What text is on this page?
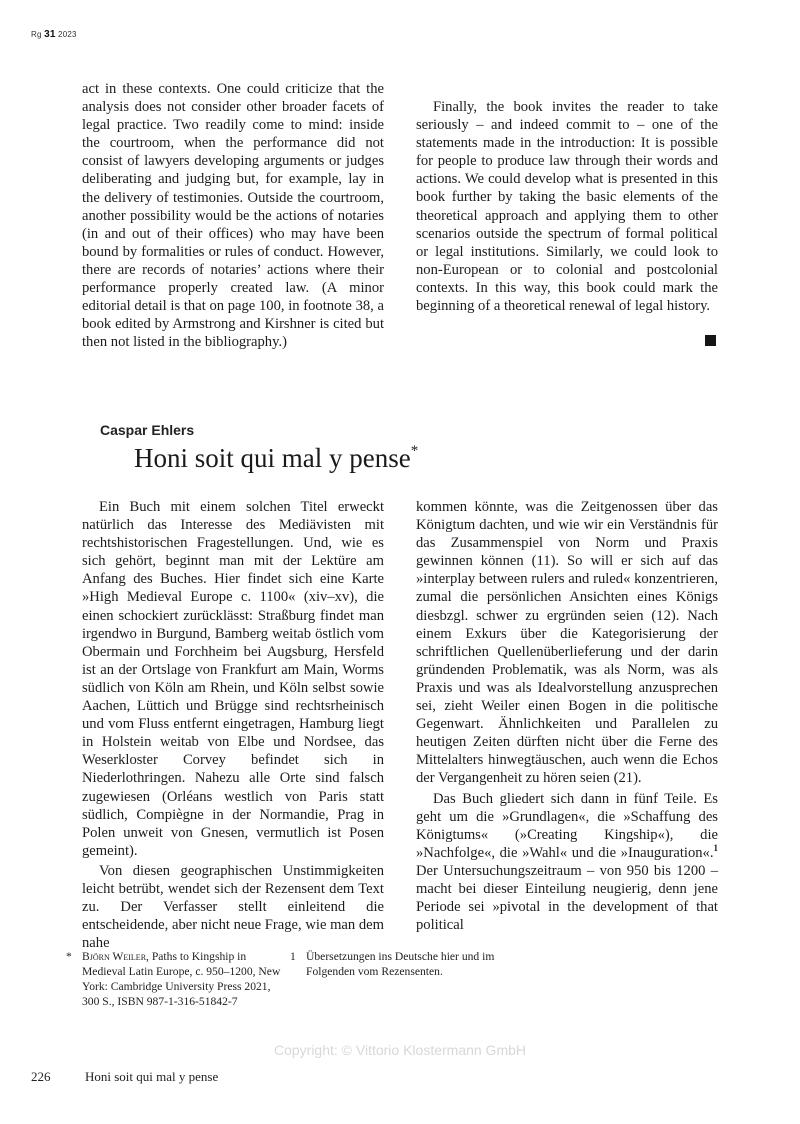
Rg 31 2023

act in these contexts. One could criticize that the analysis does not consider other broader facets of legal practice. Two readily come to mind: inside the courtroom, when the performance did not consist of lawyers developing arguments or judges deliberating and judging but, for example, lay in the delivery of testimonies. Outside the courtroom, another possibility would be the actions of notaries (in and out of their offices) who may have been bound by formalities or rules of conduct. However, there are records of notaries’ actions where their performance properly created law. (A minor editorial detail is that on page 100, in footnote 38, a book edited by Armstrong and Kirshner is cited but then not listed in the bibliography.)

Finally, the book invites the reader to take seriously – and indeed commit to – one of the statements made in the introduction: It is possible for people to produce law through their words and actions. We could develop what is presented in this book further by taking the basic elements of the theoretical approach and applying them to other scenarios outside the spectrum of formal political or legal institutions. Similarly, we could look to non-European or to colonial and postcolonial contexts. In this way, this book could mark the beginning of a theoretical renewal of legal history.

Caspar Ehlers
Honi soit qui mal y pense*

Ein Buch mit einem solchen Titel erweckt natürlich das Interesse des Mediävisten mit rechtshistorischen Fragestellungen. Und, wie es sich gehört, beginnt man mit der Lektüre am Anfang des Buches. Hier findet sich eine Karte »High Medieval Europe c. 1100« (xiv–xv), die einen schockiert zurücklässt: Straßburg findet man irgendwo in Burgund, Bamberg weitab östlich vom Obermain und Forchheim bei Augsburg, Hersfeld ist an der Ortslage von Frankfurt am Main, Worms südlich von Köln am Rhein, und Köln selbst sowie Aachen, Lüttich und Brügge sind rechtsrheinisch und vom Fluss entfernt eingetragen, Hamburg liegt in Holstein weitab von Elbe und Nordsee, das Weserkloster Corvey befindet sich in Niederlothringen. Nahezu alle Orte sind falsch zugewiesen (Orléans westlich von Paris statt südlich, Compiègne in der Normandie, Prag in Polen unweit von Gnesen, vermutlich ist Posen gemeint).

Von diesen geographischen Unstimmigkeiten leicht betrübt, wendet sich der Rezensent dem Text zu. Der Verfasser stellt einleitend die entscheidende, aber nicht neue Frage, wie man dem nahe

kommen könnte, was die Zeitgenossen über das Königtum dachten, und wie wir ein Verständnis für das Zusammenspiel von Norm und Praxis gewinnen können (11). So will er sich auf das »interplay between rulers and ruled« konzentrieren, zumal die persönlichen Ansichten eines Königs diesbzgl. schwer zu ergründen seien (12). Nach einem Exkurs über die Kategorisierung der schriftlichen Quellenüberlieferung und der darin gründenden Problematik, was als Norm, was als Praxis und was als Idealvorstellung anzusprechen sei, zieht Weiler einen Bogen in die politische Gegenwart. Ähnlichkeiten und Parallelen zu heutigen Zeiten dürften nicht über die Ferne des Mittelalters hinwegtäuschen, auch wenn die Echos der Vergangenheit zu hören seien (21).

Das Buch gliedert sich dann in fünf Teile. Es geht um die »Grundlagen«, die »Schaffung des Königtums« (»Creating Kingship«), die »Nachfolge«, die »Wahl« und die »Inauguration«.$^1$ Der Untersuchungszeitraum – von 950 bis 1200 – macht bei dieser Einteilung neugierig, denn jene Periode sei »pivotal in the development of that political

* Björn Weiler, Paths to Kingship in Medieval Latin Europe, c. 950–1200, New York: Cambridge University Press 2021, 300 S., ISBN 987-1-316-51842-7
1 Übersetzungen ins Deutsche hier und im Folgenden vom Rezensenten.
Copyright: © Vittorio Klostermann GmbH
226	Honi soit qui mal y pense
